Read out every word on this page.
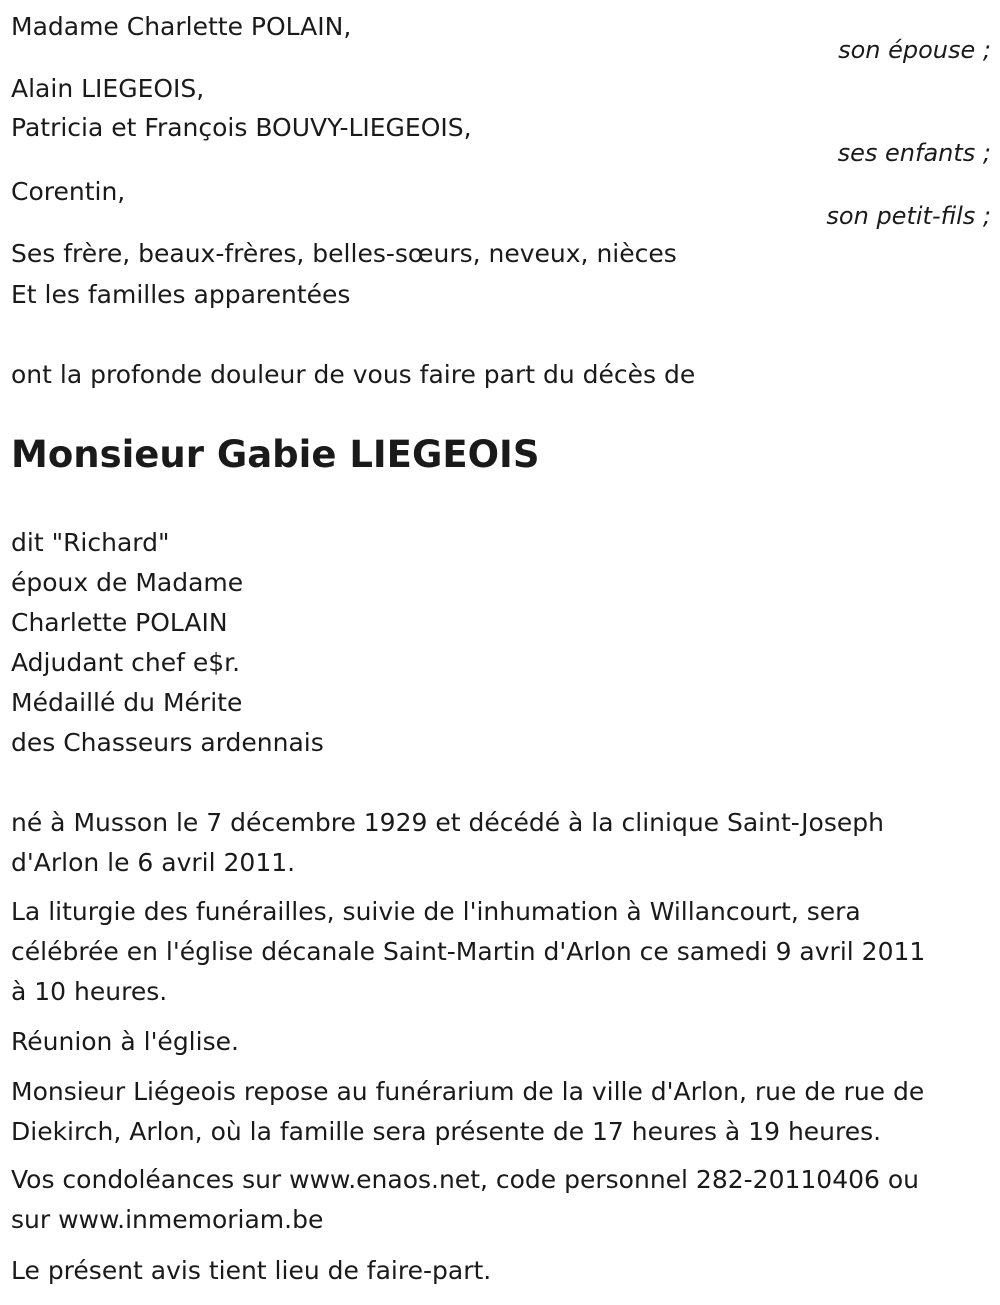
Madame Charlette POLAIN,
son épouse ;
Alain LIEGEOIS,
Patricia et François BOUVY-LIEGEOIS,
ses enfants ;
Corentin,
son petit-fils ;
Ses frère, beaux-frères, belles-sœurs, neveux, nièces
Et les familles apparentées
ont la profonde douleur de vous faire part du décès de
Monsieur Gabie LIEGEOIS
dit "Richard"
époux de Madame
Charlette POLAIN
Adjudant chef e$r.
Médaillé du Mérite
des Chasseurs ardennais
né à Musson le 7 décembre 1929 et décédé à la clinique Saint-Joseph
d'Arlon le 6 avril 2011.
La liturgie des funérailles, suivie de l'inhumation à Willancourt, sera
célébrée en l'église décanale Saint-Martin d'Arlon ce samedi 9 avril 2011
à 10 heures.
Réunion à l'église.
Monsieur Liégeois repose au funérarium de la ville d'Arlon, rue de rue de
Diekirch, Arlon, où la famille sera présente de 17 heures à 19 heures.
Vos condoléances sur www.enaos.net, code personnel 282-20110406 ou
sur www.inmemoriam.be
Le présent avis tient lieu de faire-part.
